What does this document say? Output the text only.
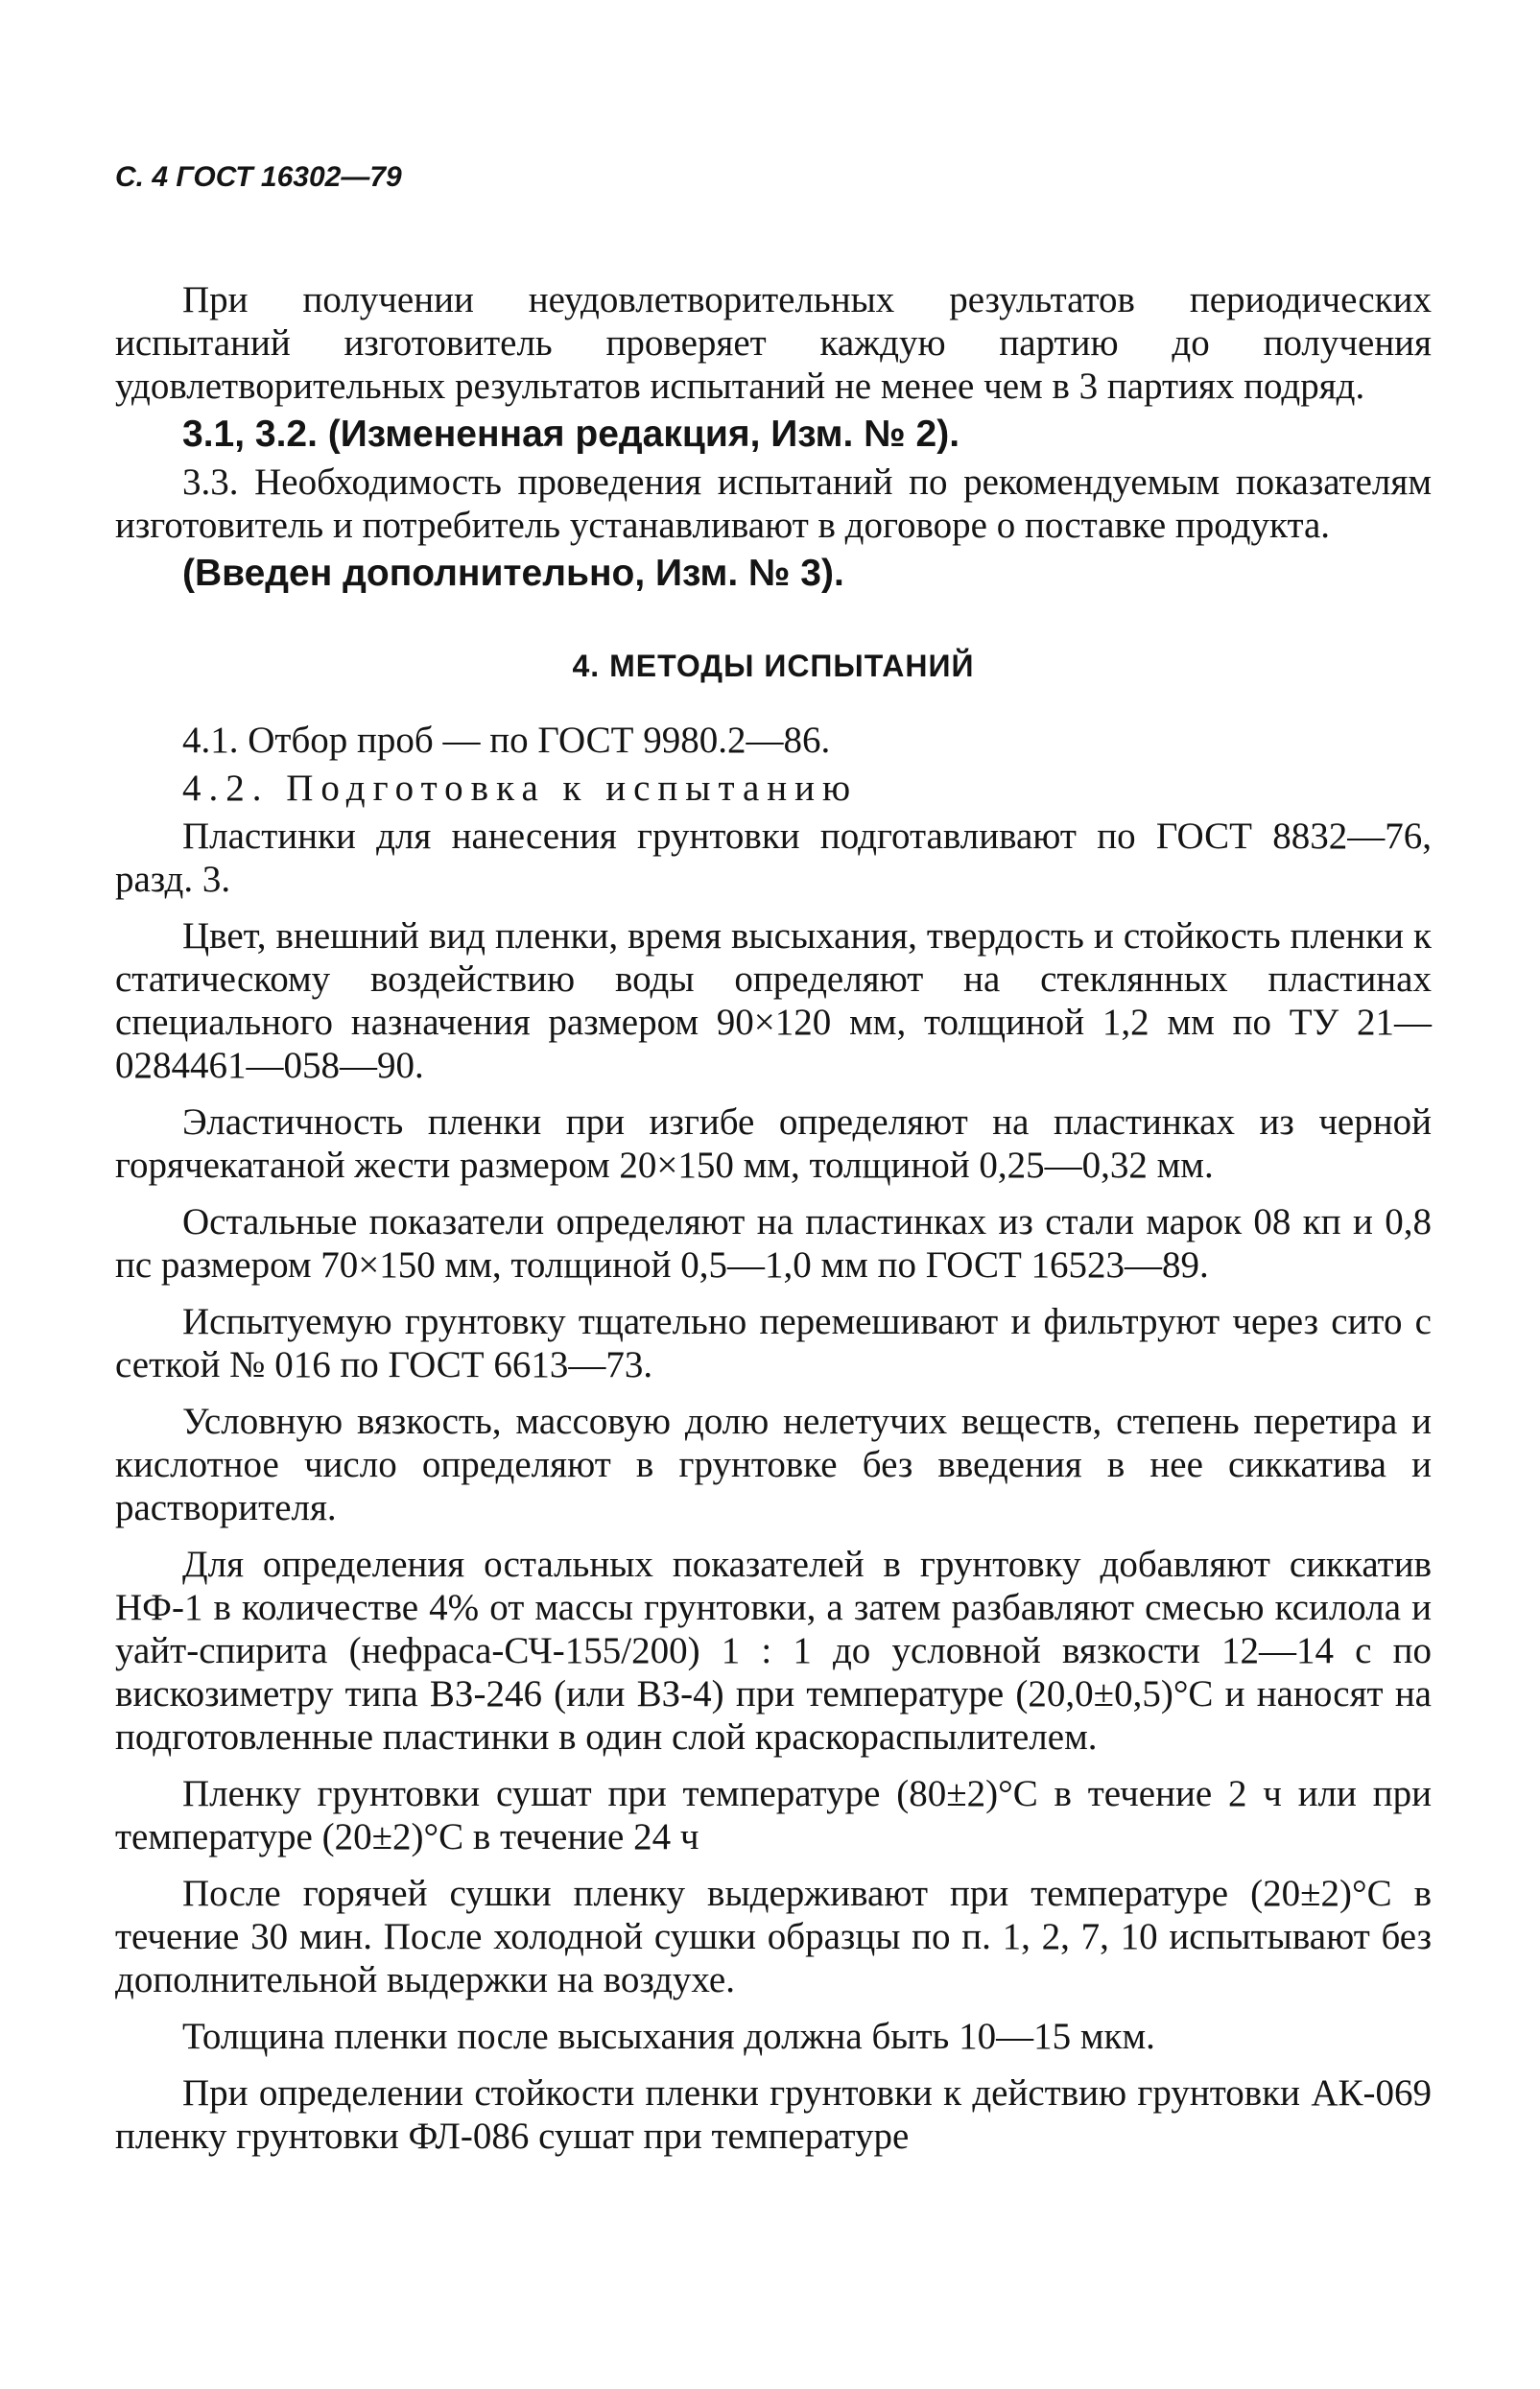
С. 4 ГОСТ 16302—79

При получении неудовлетворительных результатов периодических испытаний изготовитель проверяет каждую партию до получения удовлетворительных результатов испытаний не менее чем в 3 партиях подряд.

3.1, 3.2. (Измененная редакция, Изм. № 2).

3.3. Необходимость проведения испытаний по рекомендуемым показателям изготовитель и потребитель устанавливают в договоре о поставке продукта.

(Введен дополнительно, Изм. № 3).

4. МЕТОДЫ ИСПЫТАНИЙ

4.1. Отбор проб — по ГОСТ 9980.2—86.

4.2. Подготовка к испытанию

Пластинки для нанесения грунтовки подготавливают по ГОСТ 8832—76, разд. 3.

Цвет, внешний вид пленки, время высыхания, твердость и стойкость пленки к статическому воздействию воды определяют на стеклянных пластинах специального назначения размером 90×120 мм, толщиной 1,2 мм по ТУ 21—0284461—058—90.

Эластичность пленки при изгибе определяют на пластинках из черной горячекатаной жести размером 20×150 мм, толщиной 0,25—0,32 мм.

Остальные показатели определяют на пластинках из стали марок 08 кп и 0,8 пс размером 70×150 мм, толщиной 0,5—1,0 мм по ГОСТ 16523—89.

Испытуемую грунтовку тщательно перемешивают и фильтруют через сито с сеткой № 016 по ГОСТ 6613—73.

Условную вязкость, массовую долю нелетучих веществ, степень перетира и кислотное число определяют в грунтовке без введения в нее сиккатива и растворителя.

Для определения остальных показателей в грунтовку добавляют сиккатив НФ-1 в количестве 4% от массы грунтовки, а затем разбавляют смесью ксилола и уайт-спирита (нефраса-СЧ-155/200) 1 : 1 до условной вязкости 12—14 с по вискозиметру типа ВЗ-246 (или ВЗ-4) при температуре (20,0±0,5)°С и наносят на подготовленные пластинки в один слой краскораспылителем.

Пленку грунтовки сушат при температуре (80±2)°С в течение 2 ч или при температуре (20±2)°С в течение 24 ч

После горячей сушки пленку выдерживают при температуре (20±2)°С в течение 30 мин. После холодной сушки образцы по п. 1, 2, 7, 10 испытывают без дополнительной выдержки на воздухе.

Толщина пленки после высыхания должна быть 10—15 мкм.

При определении стойкости пленки грунтовки к действию грунтовки АК-069 пленку грунтовки ФЛ-086 сушат при температуре
